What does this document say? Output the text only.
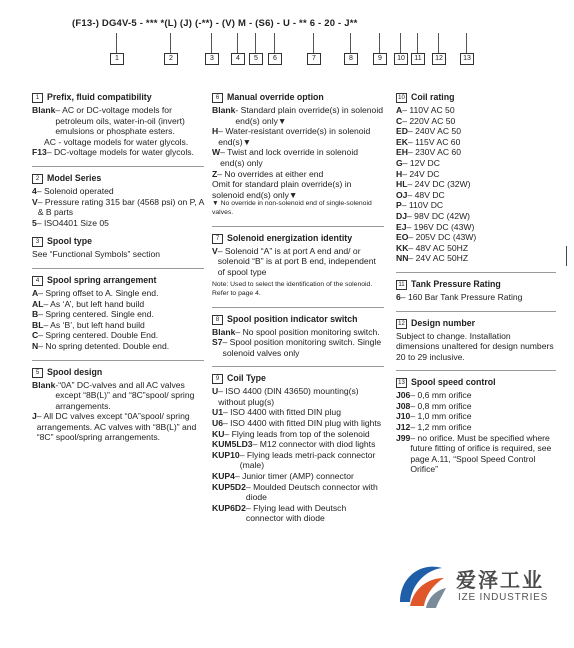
(F13-) DG4V-5 - *** *(L) (J) (-**) - (V) M - (S6) - U - ** 6 - 20 - J**
1	2	3	4	5	6	7	8	9	10	11	12	13
1 Prefix, fluid compatibility
Blank – AC or DC-voltage models for petroleum oils, water-in-oil (invert) emulsions or phosphate esters.
AC - voltage models for water glycols.
F13 – DC-voltage models for water glycols.
2 Model Series
4 – Solenoid operated
V – Pressure rating 315 bar (4568 psi) on P, A & B parts
5 – ISO4401 Size 05
3 Spool type
See “Functional Symbols” section
4 Spool spring arrangement
A – Spring offset to A. Single end.
AL – As ‘A’, but left hand build
B – Spring centered. Single end.
BL – As ‘B’, but left hand build
C – Spring centered. Double End.
N – No spring detented. Double end.
5 Spool design
Blank -“0A” DC-valves and all AC valves except “8B(L)” and “8C”spool/ spring arrangements.
J – All DC valves except “0A”spool/ spring arrangements. AC valves with “8B(L)” and “8C” spool/spring arrangements.
6 Manual override option
Blank - Standard plain override(s) in solenoid end(s) only▼
H – Water-resistant override(s) in solenoid end(s)▼
W – Twist and lock override in solenoid end(s) only
Z – No overrides at either end
Omit for standard plain override(s) in solenoid end(s) only▼
▼ No override in non-solenoid end of single-solenoid valves.
7 Solenoid energization identity
V – Solenoid “A” is at port A end and/ or solenoid “B” is at port B end, independent of spool type
Note: Used to select the identification of the solenoid. Refer to page 4.
8 Spool position indicator switch
Blank – No spool position monitoring switch.
S7 – Spool position monitoring switch. Single solenoid valves only
9 Coil Type
U – ISO 4400 (DIN 43650) mounting(s) without plug(s)
U1 – ISO 4400 with fitted DIN plug
U6 – ISO 4400 with fitted DIN plug with lights
KU – Flying leads from top of the solenoid
KUM5LD3 – M12 connector with diod lights
KUP10 – Flying leads metri-pack connector (male)
KUP4 – Junior timer (AMP) connector
KUP5D2 – Moulded Deutsch connector with diode
KUP6D2 – Flying lead with Deutsch connector with diode
10 Coil rating
A – 110V AC 50
C – 220V AC 50
ED – 240V AC 50
EK – 115V AC 60
EH – 230V AC 60
G – 12V DC
H – 24V DC
HL – 24V DC (32W)
OJ – 48V DC
P – 110V DC
DJ – 98V DC (42W)
EJ – 196V DC (43W)
EO – 205V DC (43W)
KK – 48V AC 50HZ
NN – 24V AC 50HZ
11 Tank Pressure Rating
6 – 160 Bar Tank Pressure Rating
12 Design number
Subject to change. Installation dimensions unaltered for design numbers 20 to 29 inclusive.
13 Spool speed control
J06 – 0,6 mm orifice
J08 – 0,8 mm orifice
J10 – 1,0 mm orifice
J12 – 1,2 mm orifice
J99 – no orifice. Must be specified where future fitting of orifice is required, see page A.11, “Spool Speed Control Orifice”
爱泽工业
IZE INDUSTRIES
